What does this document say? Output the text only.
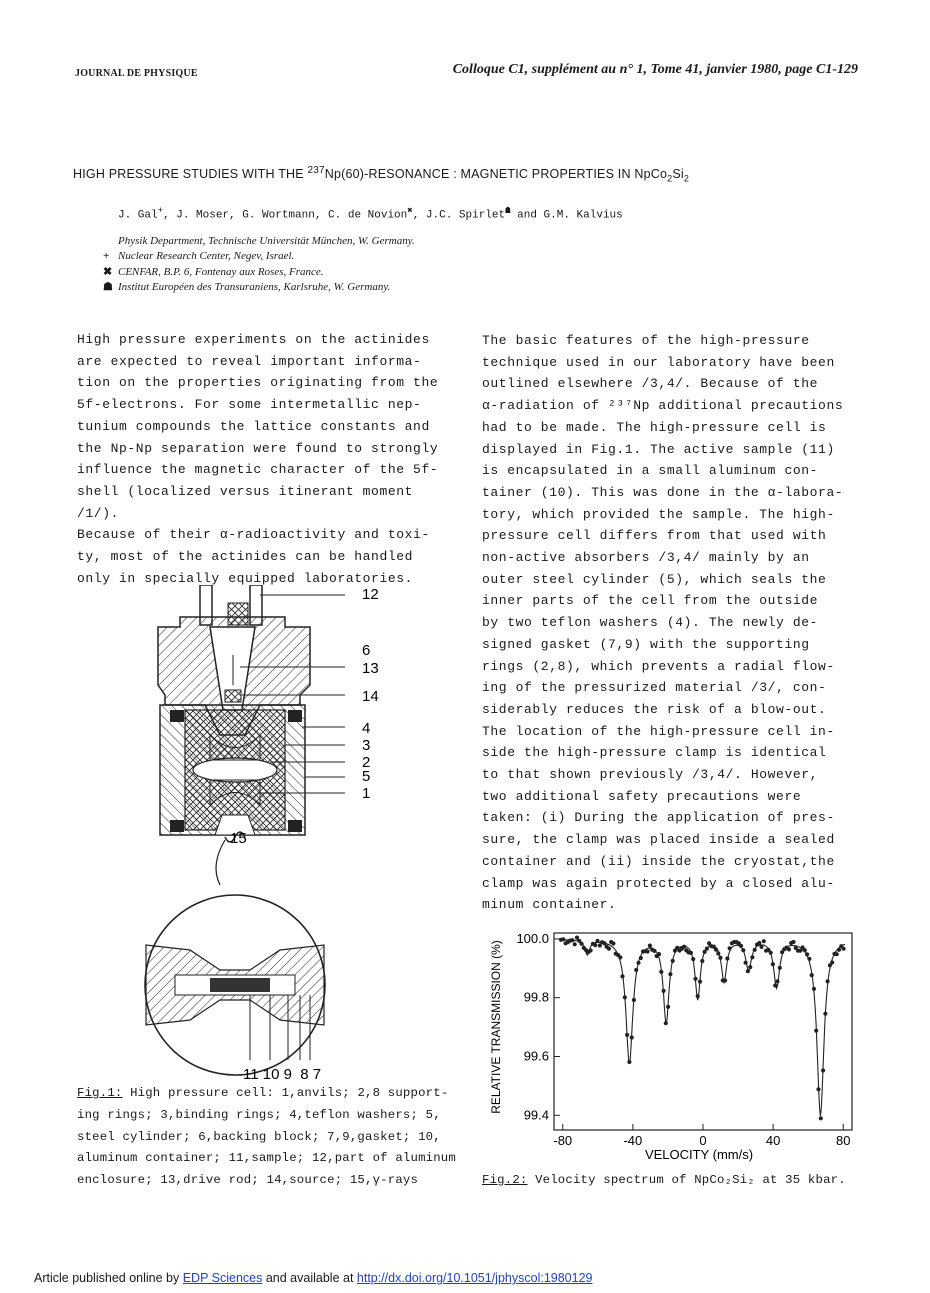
JOURNAL DE PHYSIQUE	Colloque C1, supplément au n° 1, Tome 41, janvier 1980, page C1-129
HIGH PRESSURE STUDIES WITH THE $^{237}$Np(60)-RESONANCE : MAGNETIC PROPERTIES IN $NpCo_2Si_2$
J. Gal+, J. Moser, G. Wortmann, C. de Novion✖, J.C. Spirlet☗ and G.M. Kalvius
Physik Department, Technische Universität München, W. Germany.
+ Nuclear Research Center, Negev, Israel.
✖ CENFAR, B.P. 6, Fontenay aux Roses, France.
☗ Institut Européen des Transuraniens, Karlsruhe, W. Germany.
High pressure experiments on the actinides
are expected to reveal important informa-
tion on the properties originating from the
5f-electrons. For some intermetallic nep-
tunium compounds the lattice constants and
the Np-Np separation were found to strongly
influence the magnetic character of the 5f-
shell (localized versus itinerant moment
/1/).
Because of their α-radioactivity and toxi-
ty, most of the actinides can be handled
only in specially equipped laboratories.
The basic features of the high-pressure
technique used in our laboratory have been
outlined elsewhere /3,4/. Because of the
α-radiation of ²³⁷Np additional precautions
had to be made. The high-pressure cell is
displayed in Fig.1. The active sample (11)
is encapsulated in a small aluminum con-
tainer (10). This was done in the α-labora-
tory, which provided the sample. The high-
pressure cell differs from that used with
non-active absorbers /3,4/ mainly by an
outer steel cylinder (5), which seals the
inner parts of the cell from the outside
by two teflon washers (4). The newly de-
signed gasket (7,9) with the supporting
rings (2,8), which prevents a radial flow-
ing of the pressurized material /3/, con-
siderably reduces the risk of a blow-out.
The location of the high-pressure cell in-
side the high-pressure clamp is identical
to that shown previously /3,4/. However,
two additional safety precautions were
taken: (i) During the application of pres-
sure, the clamp was placed inside a sealed
container and (ii) inside the cryostat,the
clamp was again protected by a closed alu-
minum container.
12
6
13
14
4
3
2
5
1
15
11 10 9  8 7
-80	-40	0	40	80
100.0
99.8
99.6
99.4
VELOCITY (mm/s)
RELATIVE TRANSMISSION (%)
Fig.1: High pressure cell: 1,anvils; 2,8 support-
ing rings; 3,binding rings; 4,teflon washers; 5,
steel cylinder; 6,backing block; 7,9,gasket; 10,
aluminum container; 11,sample; 12,part of aluminum
enclosure; 13,drive rod; 14,source; 15,γ-rays	Fig.2: Velocity spectrum of NpCo₂Si₂ at 35 kbar.
Article published online by EDP Sciences and available at http://dx.doi.org/10.1051/jphyscol:1980129
